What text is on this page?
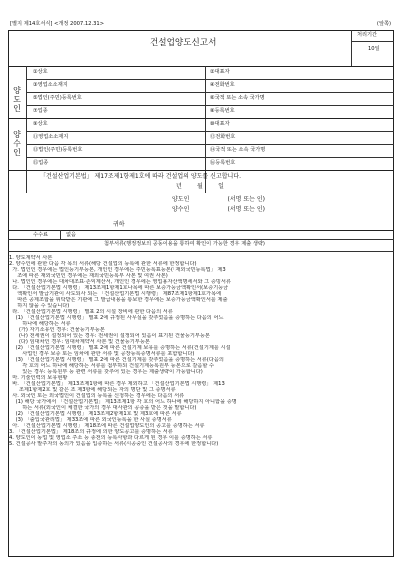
[별지 제14호서식] <개정 2007.12.31>	(앞쪽)
건설업양도신고서
처리기간
10일
양
도
인
①상호	②대표자
③영업소소재지	④전화번호
⑤법인(주민)등록번호	⑥국적 또는 소속 국가명
⑦업종	⑧등록번호
양
수
인
⑨상호	⑩대표자
⑪영업소소재지	⑫전화번호
⑬법인(주민)등록번호	⑭국적 또는 소속 국가명
⑮업종	⑯등록번호
「건설산업기본법」 제17조제1항제1호에 따라 건설업의 양도를 신고합니다.
년        월        일
양도인                    (서명 또는 인)
양수인                    (서명 또는 인)
귀하
수수료	없음
첨부서류(행정정보의 공동이용을 통하여 확인이 가능한 경우 제출 생략)
1. 양도계약서 사본
2. 양수인에 관한 다음 각 목의 서류(해당 건설업의 등록에 관한 서류에 한정합니다)
가. 법인인 경우에는 법인등기부등본, 개인인 경우에는 주민등록표등본(「재외국민등록법」 제3
조에 따른 재외국민인 경우에는 재외국민등록부 사본 및 여권 사본)
나. 법인인 경우에는 대차대조표·손익계산서, 개인인 경우에는 영업용자산액명세서와 그 증빙서류
다. 「건설산업기본법 시행령」 제13조제1항제1호나목에 따른 보증가능금액확인서(보증기능금
액확인서 발급기관이 사도되사 되는 「건설산업기본법 시행령」 제87조제1항제1호가목에
따른 공제조합을 위탁받은 기관에 그 발급내용을 통보한 경우에는 보증가능금액확인서를 제출
하지 않을 수 있습니다)
라. 「건설산업기본법 시행령」 별표 2의 시설 장비에 관한 다음의 서류
(1) 「건설산업기본법 시행령」 별표 2에 규정된 사무실을 갖추었음을 증명하는 다음의 어느
하나에 해당하는 서류
(가) 자기소유인 경우: 건물등기부등본
(나) 전세권이 설정되어 있는 경우: 전세권이 설정되어 있음이 표기된 건물등기부등본
(다) 임대차인 경우: 임대차계약서 사본 및 건물등기부등본
(2) 「건설산업기본법 시행령」 별표 2에 따른 건설기계 보유를 증명하는 서류(건설기계를 시설
사업인 경우 보증 또는 임차에 관한 서류 및 공장등록증명서류를 포함합니다)
(3) 「건설산업기본법 시행령」 별표 2에 따른 건설기계를 갖추었음을 증명하는 서류(다음의
각 호의 어느 하나에 해당하는 서류를 첨부하되 건설기계등록원부 등본으로 갈음할 수
있는 경우: 등록원부 등 관련 서류를 갖추어 있는 경우는 제출생략이 가능합니다)
마. 기술인력의 보유현황
바. 「건설산업기본법」 제13조제1항에 따른 경우 제외하고 「건설산업기본법 시행령」 제13
조제1항제2호 및 같은 조 제3항에 해당되는 자의 명단 및 그 증명서류
사. 외국인 또는 외국법인이 건설업의 등록을 신청하는 경우에는 다음의 서류
(1) 해당 국가에서 「건설산업기본법」 제13조제1항 각 호의 어느 하나에 해당하지 아니함을 증명
하는 서류(외국인이 체결한 국가의 경우 대사관의 공증을 받은 것을 말합니다)
(2) 「건설산업기본법 시행령」 제13조제2항제1호 및 제3호에 따른 서류
(3) 「출입국관리법」 제33조에 따른 외국인등록을 한 사실 증명서류
아. 「건설산업기본법 시행령」 제18조에 따른 건설업양도인의 공고를 증명하는 서류
3. 「건설산업기본법」 제18조의 규정에 의한 양도공고를 증명하는 서류
4. 양도인이 동업 및 영업소 주소 등 종전의 등록사항과 다르게 된 경우 이를 증명하는 서류
5. 건설공사 발주자의 동의가 있음을 입증하는 서류(시공중인 건설공사의 경우에 한정합니다)
